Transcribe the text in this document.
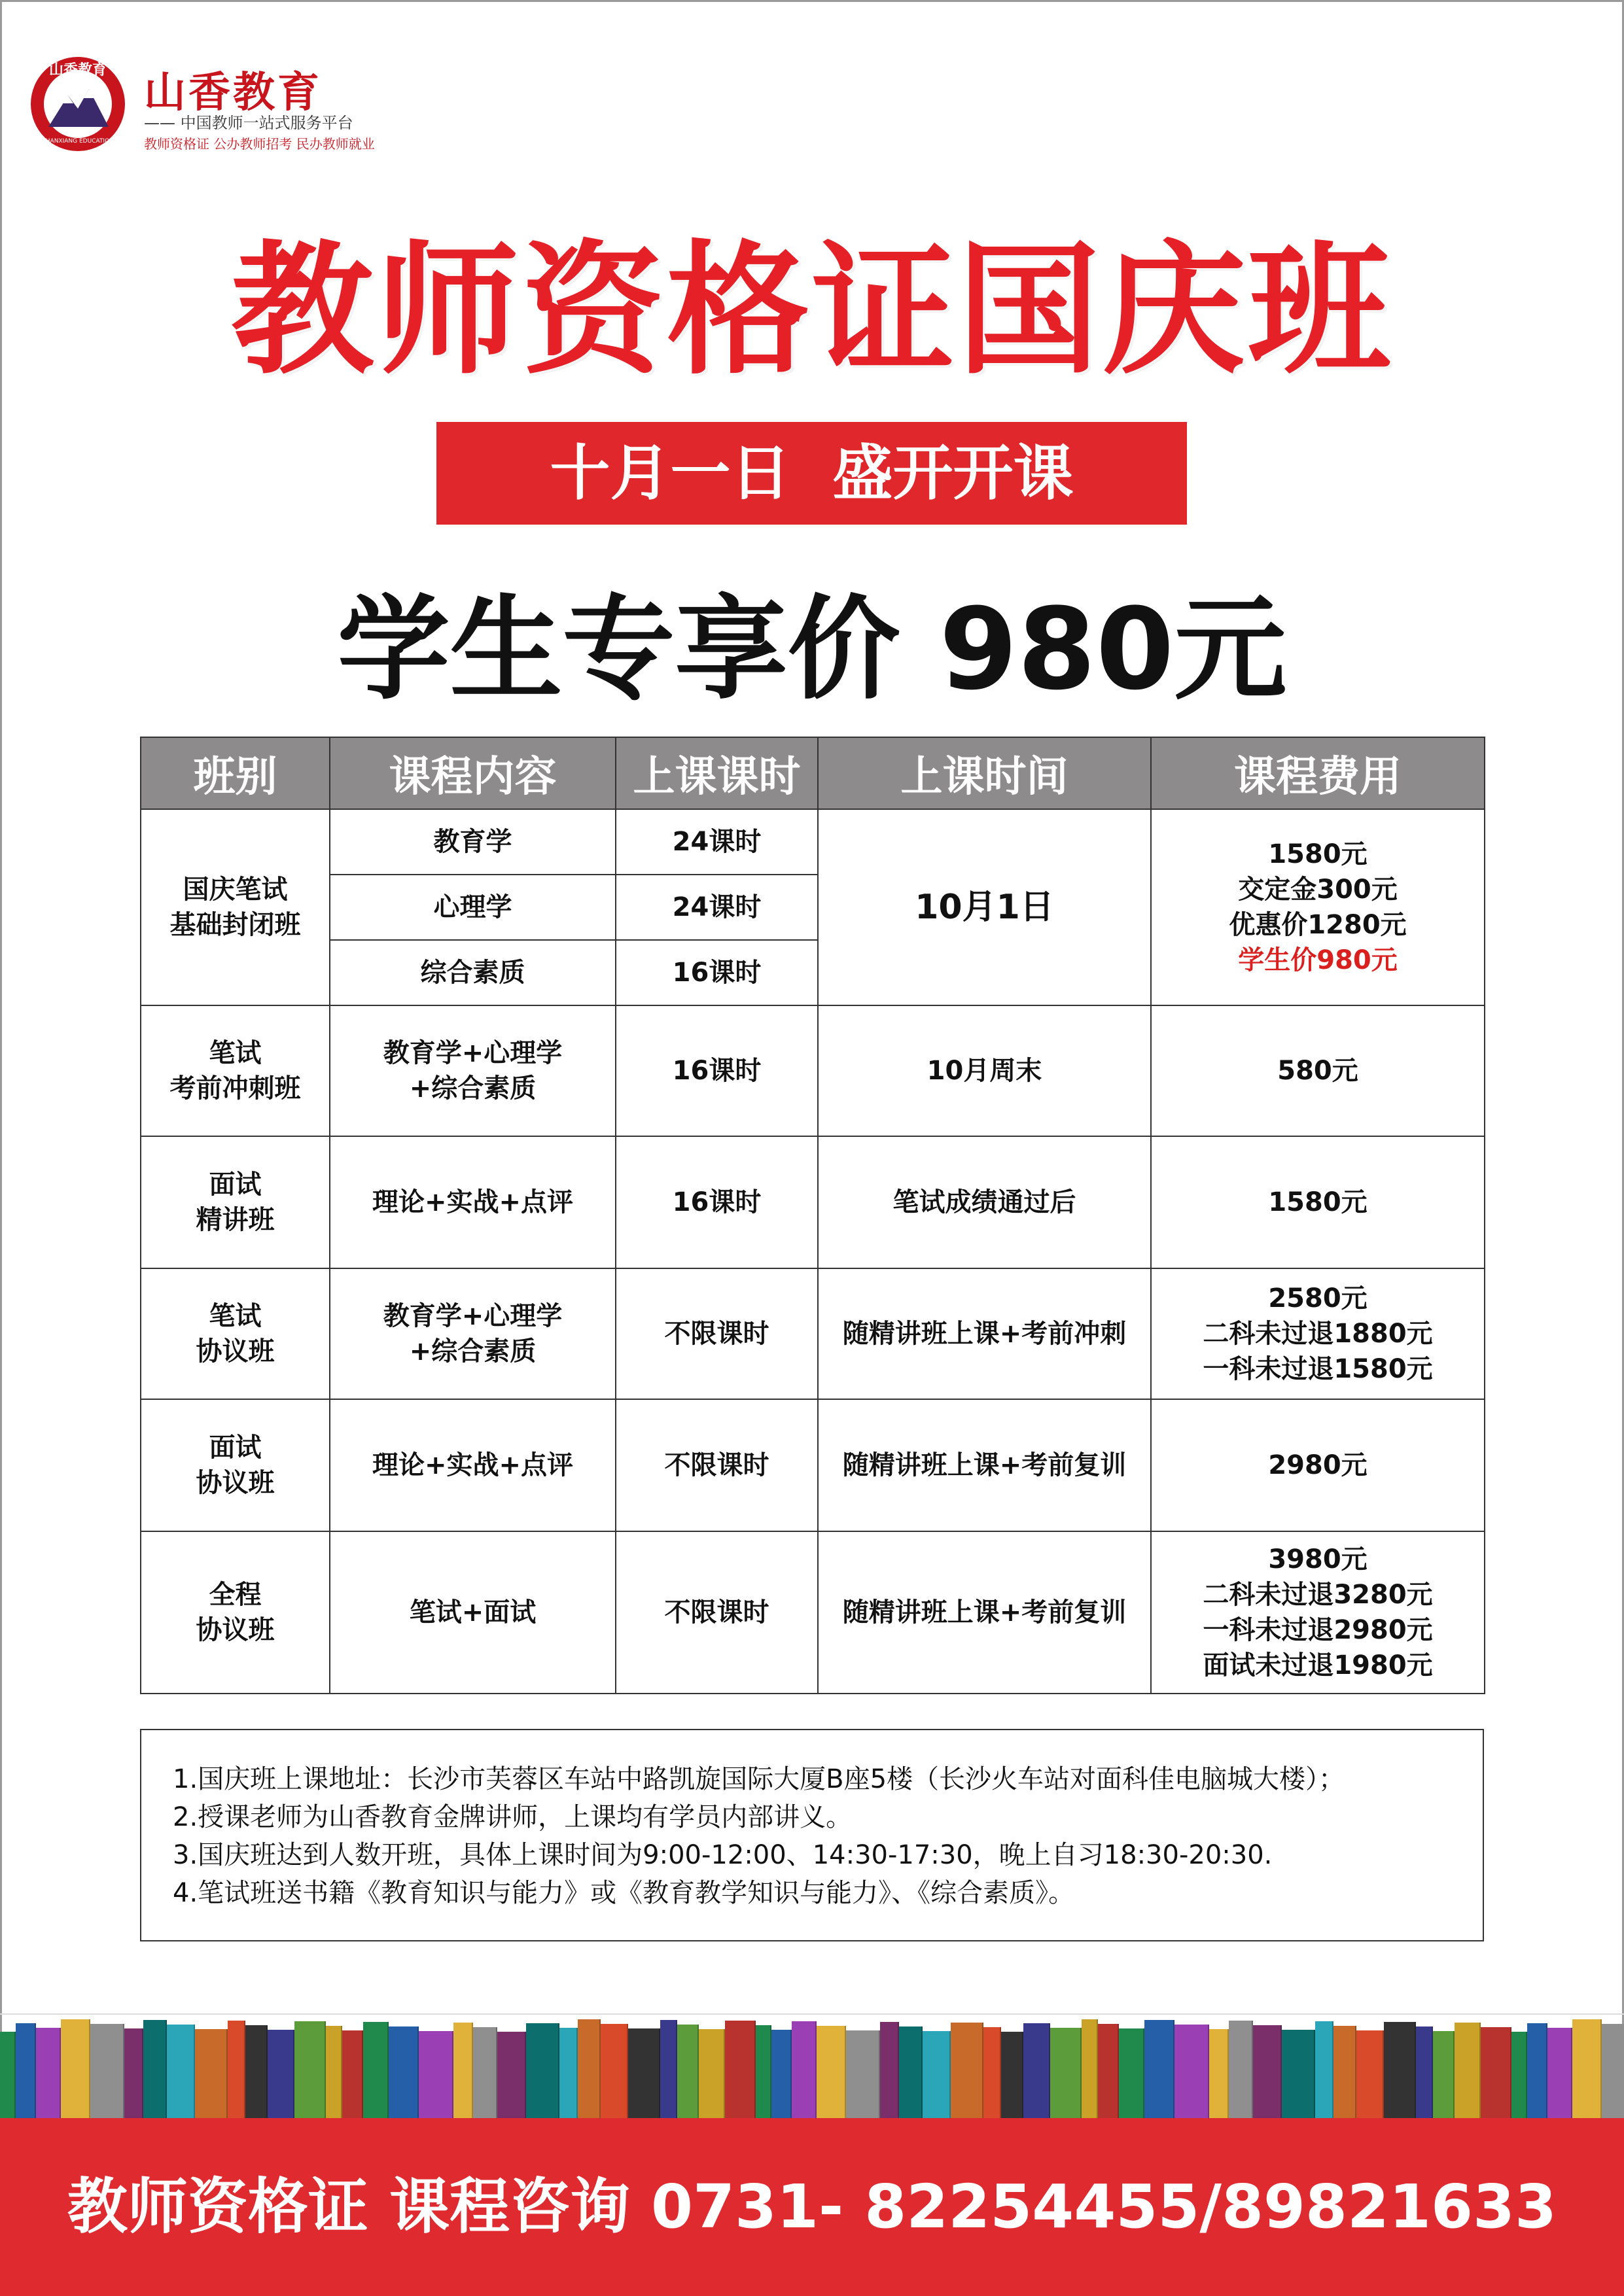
山香教育
SHANXIANG EDUCATION
山香教育
—— 中国教师一站式服务平台
教师资格证 公办教师招考 民办教师就业
教师资格证国庆班
十月一日  盛开开课
学生专享价 980元
班别	课程内容	上课课时	上课时间	课程费用

国庆笔试
基础封闭班	教育学	24课时	10月1日	1580元
交定金300元
优惠价1280元
学生价980元

	心理学	24课时		
	综合素质	16课时		

笔试
考前冲刺班	教育学+心理学
+综合素质	16课时	10月周末	580元

面试
精讲班	理论+实战+点评	16课时	笔试成绩通过后	1580元

笔试
协议班	教育学+心理学
+综合素质	不限课时	随精讲班上课+考前冲刺	2580元
二科未过退1880元
一科未过退1580元

面试
协议班	理论+实战+点评	不限课时	随精讲班上课+考前复训	2980元

全程
协议班	笔试+面试	不限课时	随精讲班上课+考前复训	3980元
二科未过退3280元
一科未过退2980元
面试未过退1980元
1.国庆班上课地址：长沙市芙蓉区车站中路凯旋国际大厦B座5楼（长沙火车站对面科佳电脑城大楼）；
2.授课老师为山香教育金牌讲师，上课均有学员内部讲义。
3.国庆班达到人数开班，具体上课时间为9:00-12:00、14:30-17:30，晚上自习18:30-20:30.
4.笔试班送书籍《教育知识与能力》或《教育教学知识与能力》、《综合素质》。
教师资格证 课程咨询 0731- 82254455/89821633
